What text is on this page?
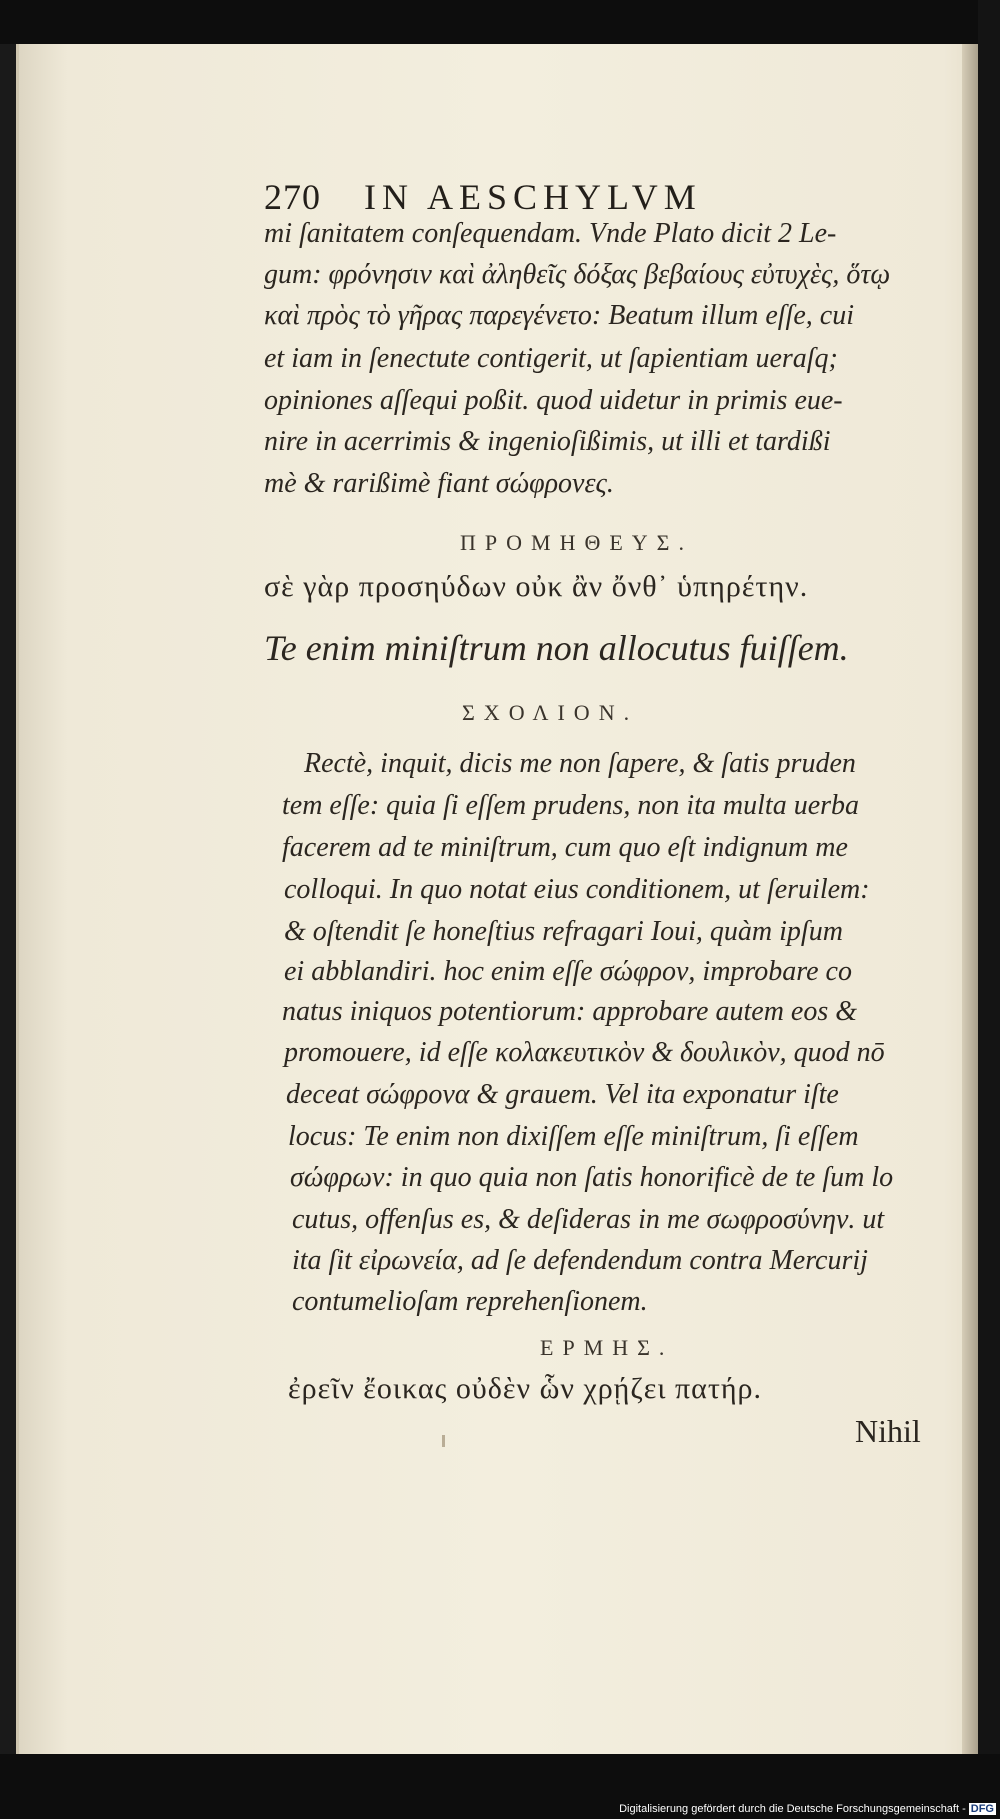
270 IN AESCHYLVM
mi ſanitatem conſequendam. Vnde Plato dicit 2 Le-
gum: φρόνησιν καὶ ἀληθεῖς δόξας βεβαίους εὐτυχὲς, ὅτῳ
καὶ πρὸς τὸ γῆρας παρεγένετο: Beatum illum eſſe, cui
et iam in ſenectute contigerit, ut ſapientiam ueraſq;
opiniones aſſequi poßit. quod uidetur in primis eue-
nire in acerrimis & ingenioſißimis, ut illi et tardißi
mè & rarißimè fiant σώφρονες.
ΠΡΟΜΗΘΕΥΣ.
σὲ γὰρ προσηύδων οὐκ ἂν ὄνθ᾽ ὑπηρέτην.
Te enim miniſtrum non allocutus fuiſſem.
ΣΧΟΛΙΟΝ.
Rectè, inquit, dicis me non ſapere, & ſatis pruden
tem eſſe: quia ſi eſſem prudens, non ita multa uerba
facerem ad te miniſtrum, cum quo eſt indignum me
colloqui. In quo notat eius conditionem, ut ſeruilem:
& oſtendit ſe honeſtius refragari Ioui, quàm ipſum
ei abblandiri. hoc enim eſſe σώφρον, improbare co
natus iniquos potentiorum: approbare autem eos &
promouere, id eſſe κολακευτικὸν & δουλικὸν, quod nō
deceat σώφρονα & grauem. Vel ita exponatur iſte
locus: Te enim non dixiſſem eſſe miniſtrum, ſi eſſem
σώφρων: in quo quia non ſatis honorificè de te ſum lo
cutus, offenſus es, & deſideras in me σωφροσύνην. ut
ita ſit εἰρωνεία, ad ſe defendendum contra Mercurij
contumelioſam reprehenſionem.
ΕΡΜΗΣ.
ἐρεῖν ἔοικας οὐδὲν ὧν χρῄζει πατήρ.
Nihil
Digitalisierung gefördert durch die Deutsche Forschungsgemeinschaft - DFG
